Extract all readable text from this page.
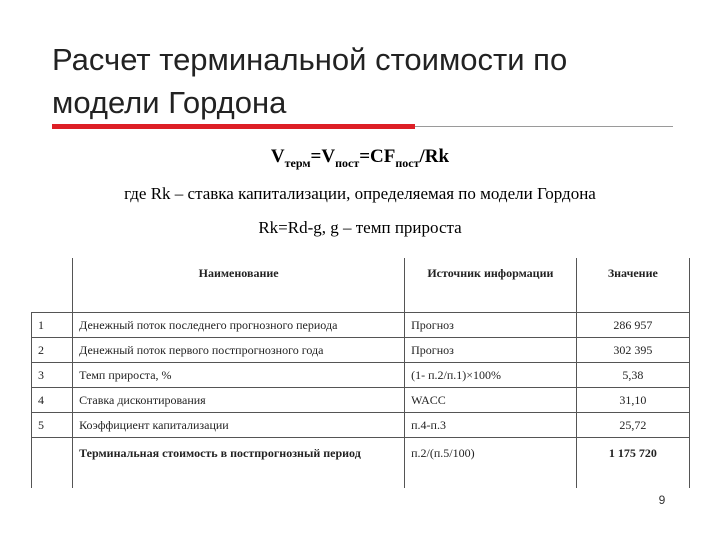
Расчет терминальной стоимости по
модели Гордона
$V_{терм}=V_{пост}=CF_{пост}/Rk$
где Rk – ставка капитализации, определяемая по модели Гордона
Rk=Rd-g, g – темп прироста
	Наименование	Источник информации	Значение
1	Денежный поток последнего прогнозного периода	Прогноз	286 957
2	Денежный поток первого постпрогнозного года	Прогноз	302 395
3	Темп прироста, %	(1- п.2/п.1)×100%	5,38
4	Ставка дисконтирования	WACC	31,10
5	Коэффициент капитализации	п.4-п.3	25,72
	Терминальная стоимость в постпрогнозный период	п.2/(п.5/100)	1 175 720
9
